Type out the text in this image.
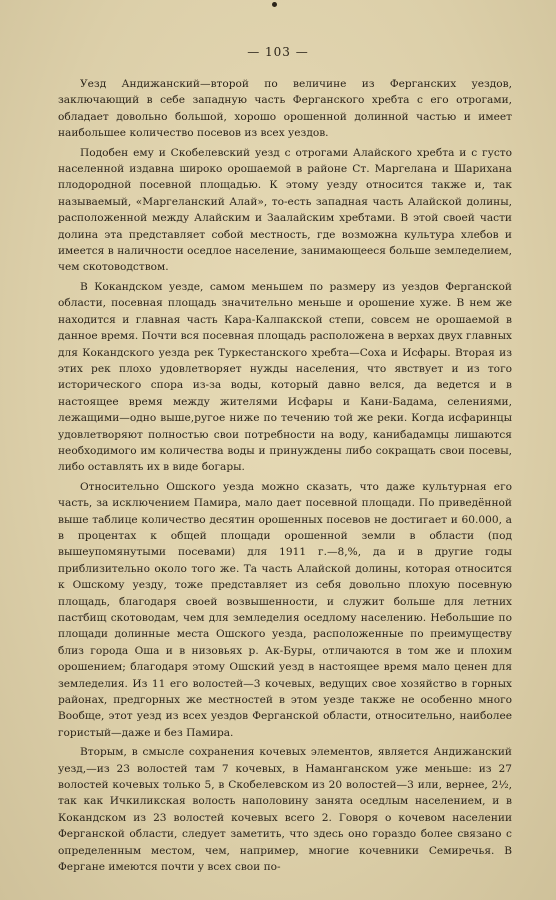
— 103 —

Уезд Андижанский—второй по величине из Ферганских уездов, заключающий в себе западную часть Ферганского хребта с его отрогами, обладает довольно большой, хорошо орошенной долинной частью и имеет наибольшее количество посевов из всех уездов.

Подобен ему и Скобелевский уезд с отрогами Алайского хребта и с густо населенной издавна широко орошаемой в районе Ст. Маргелана и Шарихана плодородной посевной площадью. К этому уезду относится также и, так называемый, «Маргеланский Алай», то-есть западная часть Алайской долины, расположенной между Алайским и Заалайским хребтами. В этой своей части долина эта представляет собой местность, где возможна культура хлебов и имеется в наличности оседлое население, занимающееся больше земледелием, чем скотоводством.

В Кокандском уезде, самом меньшем по размеру из уездов Ферганской области, посевная площадь значительно меньше и орошение хуже. В нем же находится и главная часть Кара-Калпакской степи, совсем не орошаемой в данное время. Почти вся посевная площадь расположена в верхах двух главных для Кокандского уезда рек Туркестанского хребта—Соха и Исфары. Вторая из этих рек плохо удовлетворяет нужды населения, что явствует и из того исторического спора из-за воды, который давно велся, да ведется и в настоящее время между жителями Исфары и Кани-Бадама, селениями, лежащими—одно выше,ругое ниже по течению той же реки. Когда исфаринцы удовлетворяют полностью свои потребности на воду, канибадамцы лишаются необходимого им количества воды и принуждены либо сокращать свои посевы, либо оставлять их в виде богары.

Относительно Ошского уезда можно сказать, что даже культурная его часть, за исключением Памира, мало дает посевной площади. По приведённой выше таблице количество десятин орошенных посевов не достигает и 60.000, а в процентах к общей площади орошенной земли в области (под вышеупомянутыми посевами) для 1911 г.—8,%, да и в другие годы приблизительно около того же. Та часть Алайской долины, которая относится к Ошскому уезду, тоже представляет из себя довольно плохую посевную площадь, благодаря своей возвышенности, и служит больше для летних пастбищ скотоводам, чем для земледелия оседлому населению. Небольшие по площади долинные места Ошского уезда, расположенные по преимуществу близ города Оша и в низовьях р. Ак-Буры, отличаются в том же и плохим орошением; благодаря этому Ошский уезд в настоящее время мало ценен для земледелия. Из 11 его волостей—3 кочевых, ведущих свое хозяйство в горных районах, предгорных же местностей в этом уезде также не особенно много Вообще, этот уезд из всех уездов Ферганской области, относительно, наиболее гористый—даже и без Памира.

Вторым, в смысле сохранения кочевых элементов, является Андижанский уезд,—из 23 волостей там 7 кочевых, в Наманганском уже меньше: из 27 волостей кочевых только 5, в Скобелевском из 20 волостей—3 или, вернее, 2½, так как Ичкиликская волость наполовину занята оседлым населением, и в Кокандском из 23 волостей кочевых всего 2. Говоря о кочевом населении Ферганской области, следует заметить, что здесь оно гораздо более связано с определенным местом, чем, например, многие кочевники Семиречья. В Фергане имеются почти у всех свои по-
